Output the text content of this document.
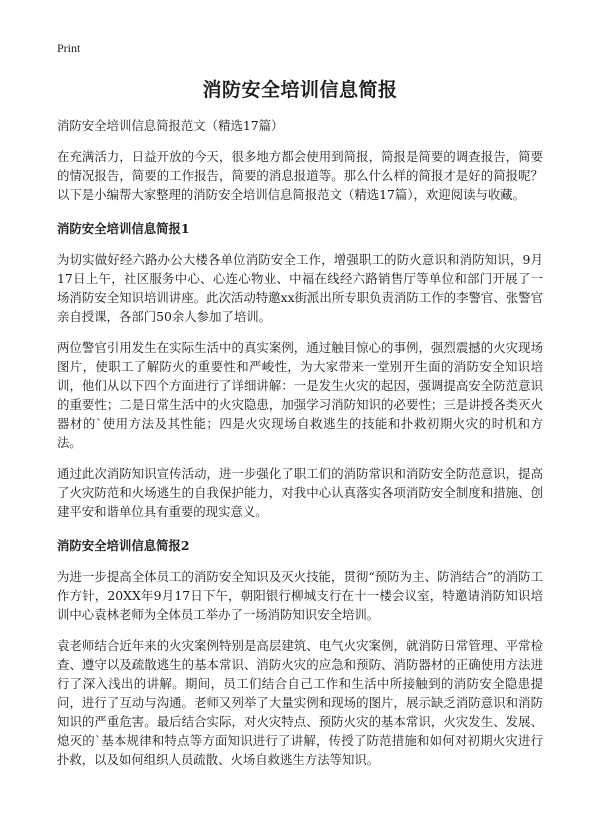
Print
消防安全培训信息简报
消防安全培训信息简报范文（精选17篇）

在充满活力，日益开放的今天，很多地方都会使用到简报，简报是简要的调查报告，简要的情况报告，简要的工作报告，简要的消息报道等。那么什么样的简报才是好的简报呢？以下是小编帮大家整理的消防安全培训信息简报范文（精选17篇），欢迎阅读与收藏。

消防安全培训信息简报1

为切实做好经六路办公大楼各单位消防安全工作，增强职工的防火意识和消防知识，9月17日上午，社区服务中心、心连心物业、中福在线经六路销售厅等单位和部门开展了一场消防安全知识培训讲座。此次活动特邀xx街派出所专职负责消防工作的李警官、张警官亲自授课，各部门50余人参加了培训。

两位警官引用发生在实际生活中的真实案例，通过触目惊心的事例，强烈震撼的火灾现场图片，使职工了解防火的重要性和严峻性，为大家带来一堂别开生面的消防安全知识培训，他们从以下四个方面进行了详细讲解：一是发生火灾的起因，强调提高安全防范意识的重要性；二是日常生活中的火灾隐患，加强学习消防知识的必要性；三是讲授各类灭火器材的`使用方法及其性能；四是火灾现场自救逃生的技能和扑救初期火灾的时机和方法。

通过此次消防知识宣传活动，进一步强化了职工们的消防常识和消防安全防范意识，提高了火灾防范和火场逃生的自我保护能力，对我中心认真落实各项消防安全制度和措施、创建平安和谐单位具有重要的现实意义。

消防安全培训信息简报2

为进一步提高全体员工的消防安全知识及灭火技能，贯彻“预防为主、防消结合”的消防工作方针，20XX年9月17日下午，朝阳银行柳城支行在十一楼会议室，特邀请消防知识培训中心袁林老师为全体员工举办了一场消防知识安全培训。

袁老师结合近年来的火灾案例特别是高层建筑、电气火灾案例，就消防日常管理、平常检查、遵守以及疏散逃生的基本常识、消防火灾的应急和预防、消防器材的正确使用方法进行了深入浅出的讲解。期间，员工们结合自己工作和生活中所接触到的消防安全隐患提问，进行了互动与沟通。老师又列举了大量实例和现场的图片，展示缺乏消防意识和消防知识的严重危害。最后结合实际，对火灾特点、预防火灾的基本常识，火灾发生、发展、熄灭的`基本规律和特点等方面知识进行了讲解，传授了防范措施和如何对初期火灾进行扑救，以及如何组织人员疏散、火场自救逃生方法等知识。
